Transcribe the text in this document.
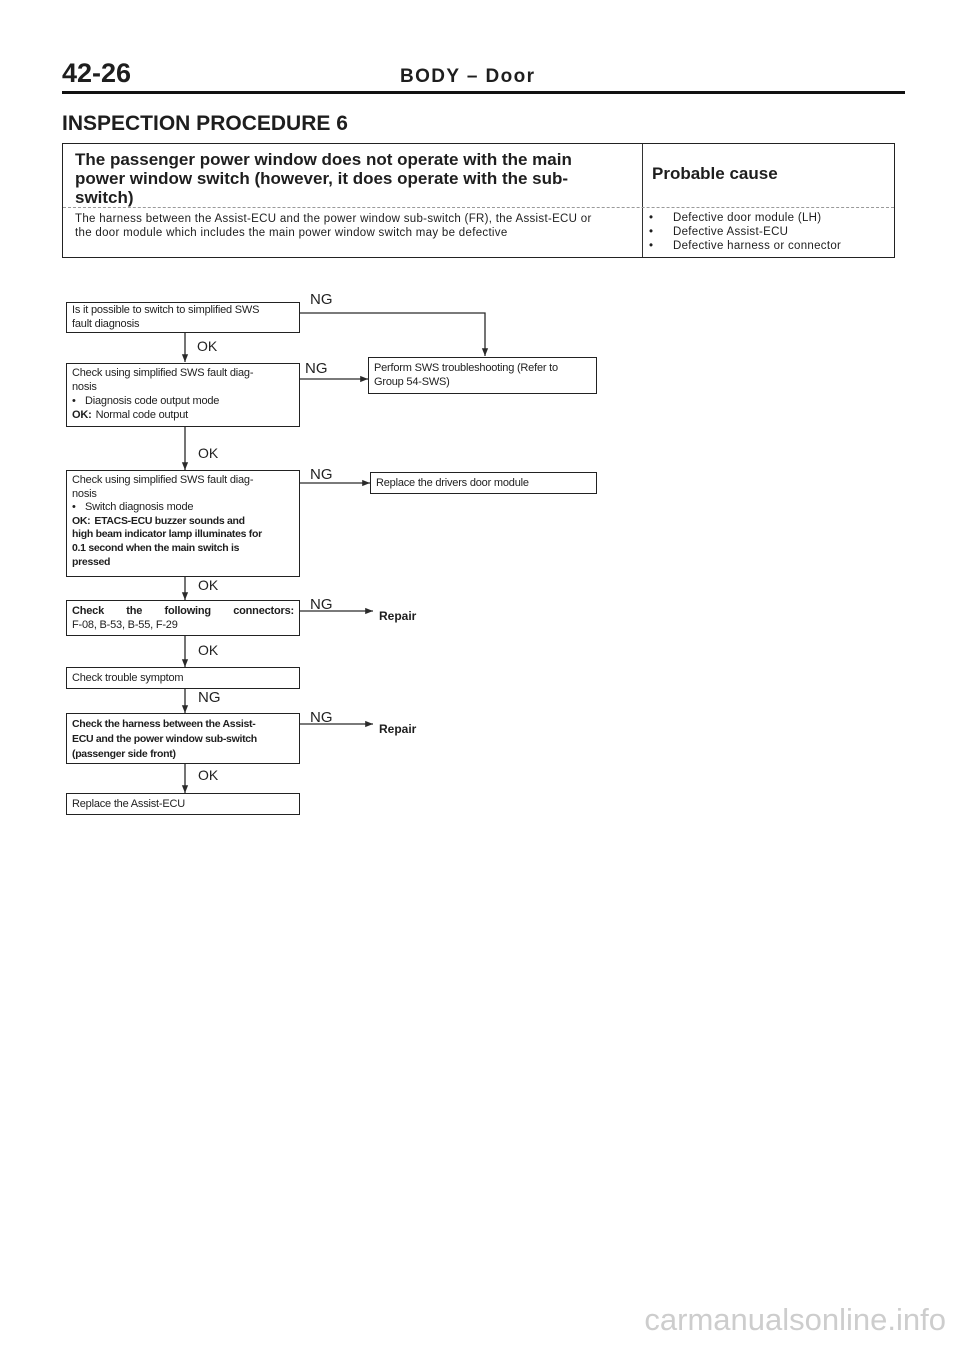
42-26	BODY – Door
INSPECTION PROCEDURE 6
The passenger power window does not operate with the main
power window switch (however, it does operate with the sub-
switch)
Probable cause
The harness between the Assist-ECU and the power window sub-switch (FR), the Assist-ECU or
the door module which includes the main power window switch may be defective
• Defective door module (LH)
• Defective Assist-ECU
• Defective harness or connector
Is it possible to switch to simplified SWS
fault diagnosis
NG
OK
Perform SWS troubleshooting (Refer to
Group 54-SWS)
Check using simplified SWS fault diag-
nosis
• Diagnosis code output mode
OK: Normal code output
NG
OK
Check using simplified SWS fault diag-
nosis
• Switch diagnosis mode
OK: ETACS-ECU buzzer sounds and
high beam indicator lamp illuminates for
0.1 second when the main switch is
pressed
NG
OK
Replace the drivers door module
Check the following connectors:
F-08, B-53, B-55, F-29
NG
Repair
OK
Check trouble symptom
NG
Check the harness between the Assist-
ECU and the power window sub-switch
(passenger side front)
NG
Repair
OK
Replace the Assist-ECU
carmanualsonline.info
